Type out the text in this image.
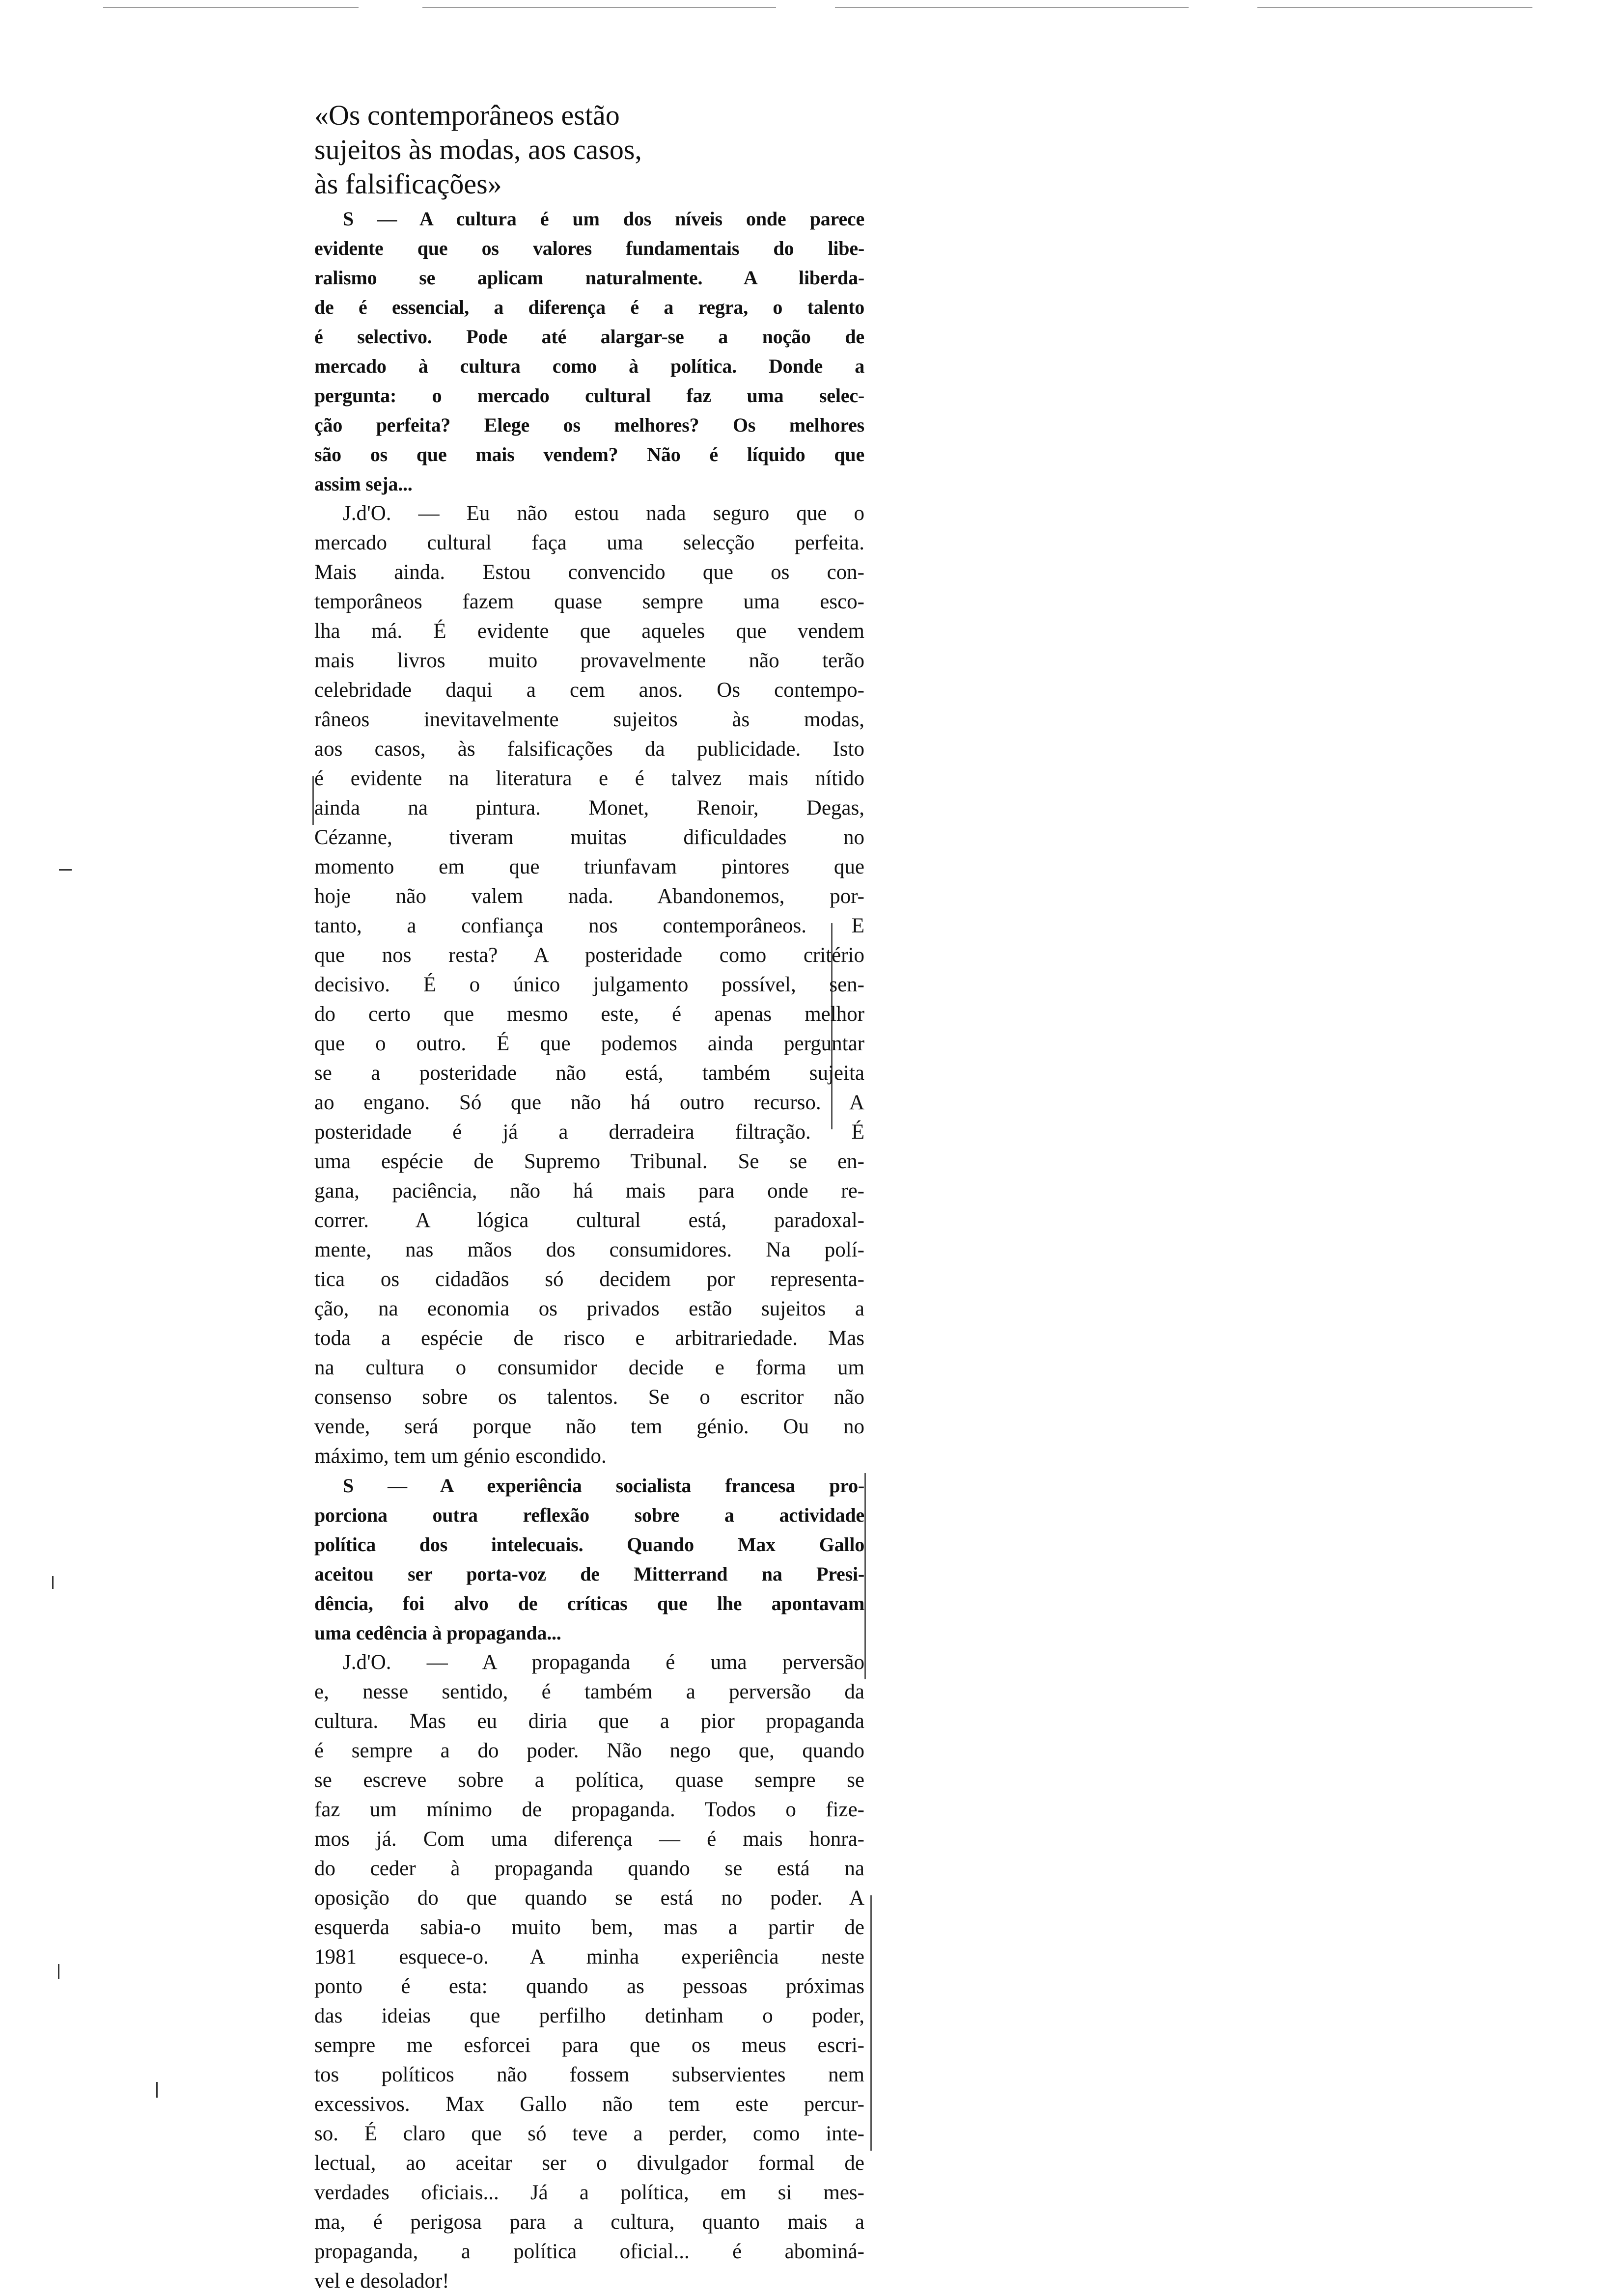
«Os contemporâneos estão
sujeitos às modas, aos casos,
às falsificações»
S — A cultura é um dos níveis onde parece
evidente que os valores fundamentais do libe-
ralismo se aplicam naturalmente. A liberda-
de é essencial, a diferença é a regra, o talento
é selectivo. Pode até alargar-se a noção de
mercado à cultura como à política. Donde a
pergunta: o mercado cultural faz uma selec-
ção perfeita? Elege os melhores? Os melhores
são os que mais vendem? Não é líquido que
assim seja...
J.d'O. — Eu não estou nada seguro que o
mercado cultural faça uma selecção perfeita.
Mais ainda. Estou convencido que os con-
temporâneos fazem quase sempre uma esco-
lha má. É evidente que aqueles que vendem
mais livros muito provavelmente não terão
celebridade daqui a cem anos. Os contempo-
râneos inevitavelmente sujeitos às modas,
aos casos, às falsificações da publicidade. Isto
é evidente na literatura e é talvez mais nítido
ainda na pintura. Monet, Renoir, Degas,
Cézanne, tiveram muitas dificuldades no
momento em que triunfavam pintores que
hoje não valem nada. Abandonemos, por-
tanto, a confiança nos contemporâneos. E
que nos resta? A posteridade como critério
decisivo. É o único julgamento possível, sen-
do certo que mesmo este, é apenas melhor
que o outro. É que podemos ainda perguntar
se a posteridade não está, também sujeita
ao engano. Só que não há outro recurso. A
posteridade é já a derradeira filtração. É
uma espécie de Supremo Tribunal. Se se en-
gana, paciência, não há mais para onde re-
correr. A lógica cultural está, paradoxal-
mente, nas mãos dos consumidores. Na polí-
tica os cidadãos só decidem por representa-
ção, na economia os privados estão sujeitos a
toda a espécie de risco e arbitrariedade. Mas
na cultura o consumidor decide e forma um
consenso sobre os talentos. Se o escritor não
vende, será porque não tem génio. Ou no
máximo, tem um génio escondido.
S — A experiência socialista francesa pro-
porciona outra reflexão sobre a actividade
política dos intelecuais. Quando Max Gallo
aceitou ser porta-voz de Mitterrand na Presi-
dência, foi alvo de críticas que lhe apontavam
uma cedência à propaganda...
J.d'O. — A propaganda é uma perversão
e, nesse sentido, é também a perversão da
cultura. Mas eu diria que a pior propaganda
é sempre a do poder. Não nego que, quando
se escreve sobre a política, quase sempre se
faz um mínimo de propaganda. Todos o fize-
mos já. Com uma diferença — é mais honra-
do ceder à propaganda quando se está na
oposição do que quando se está no poder. A
esquerda sabia-o muito bem, mas a partir de
1981 esquece-o. A minha experiência neste
ponto é esta: quando as pessoas próximas
das ideias que perfilho detinham o poder,
sempre me esforcei para que os meus escri-
tos políticos não fossem subservientes nem
excessivos. Max Gallo não tem este percur-
so. É claro que só teve a perder, como inte-
lectual, ao aceitar ser o divulgador formal de
verdades oficiais... Já a política, em si mes-
ma, é perigosa para a cultura, quanto mais a
propaganda, a política oficial... é abominá-
vel e desolador!
